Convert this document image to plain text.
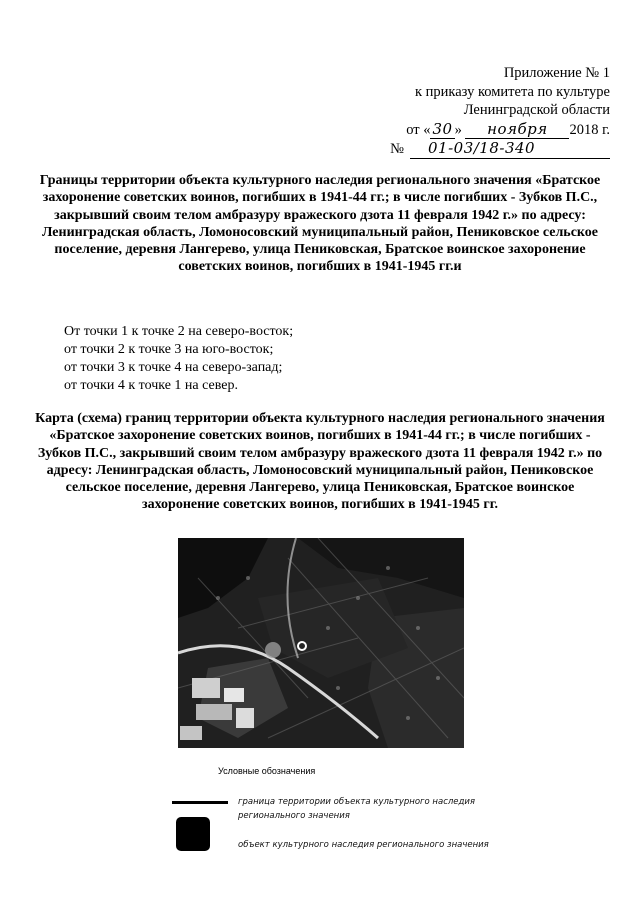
Приложение № 1
к приказу комитета по культуре
Ленинградской области
от « 30 » ноября 2018 г.
№	01-03/18-340
Границы территории объекта культурного наследия регионального значения «Братское захоронение советских воинов, погибших в 1941-44 гг.; в числе погибших - Зубков П.С., закрывший своим телом амбразуру вражеского дзота 11 февраля 1942 г.» по адресу: Ленинградская область, Ломоносовский муниципальный район, Пениковское сельское поселение, деревня Лангерево, улица Пениковская, Братское воинское захоронение советских воинов, погибших в 1941-1945 гг.и
От точки 1 к точке 2 на северо-восток;
от точки 2 к точке 3 на юго-восток;
от точки 3 к точке 4 на северо-запад;
от точки 4 к точке 1 на север.
Карта (схема) границ территории объекта культурного наследия регионального значения «Братское захоронение советских воинов, погибших в 1941-44 гг.; в числе погибших - Зубков П.С., закрывший своим телом амбразуру вражеского дзота 11 февраля 1942 г.» по адресу: Ленинградская область, Ломоносовский муниципальный район, Пениковское сельское поселение, деревня Лангерево, улица Пениковская, Братское воинское захоронение советских воинов, погибших в 1941-1945 гг.
Условные обозначения
граница территории объекта культурного наследия
регионального значения
объект культурного наследия регионального значения
